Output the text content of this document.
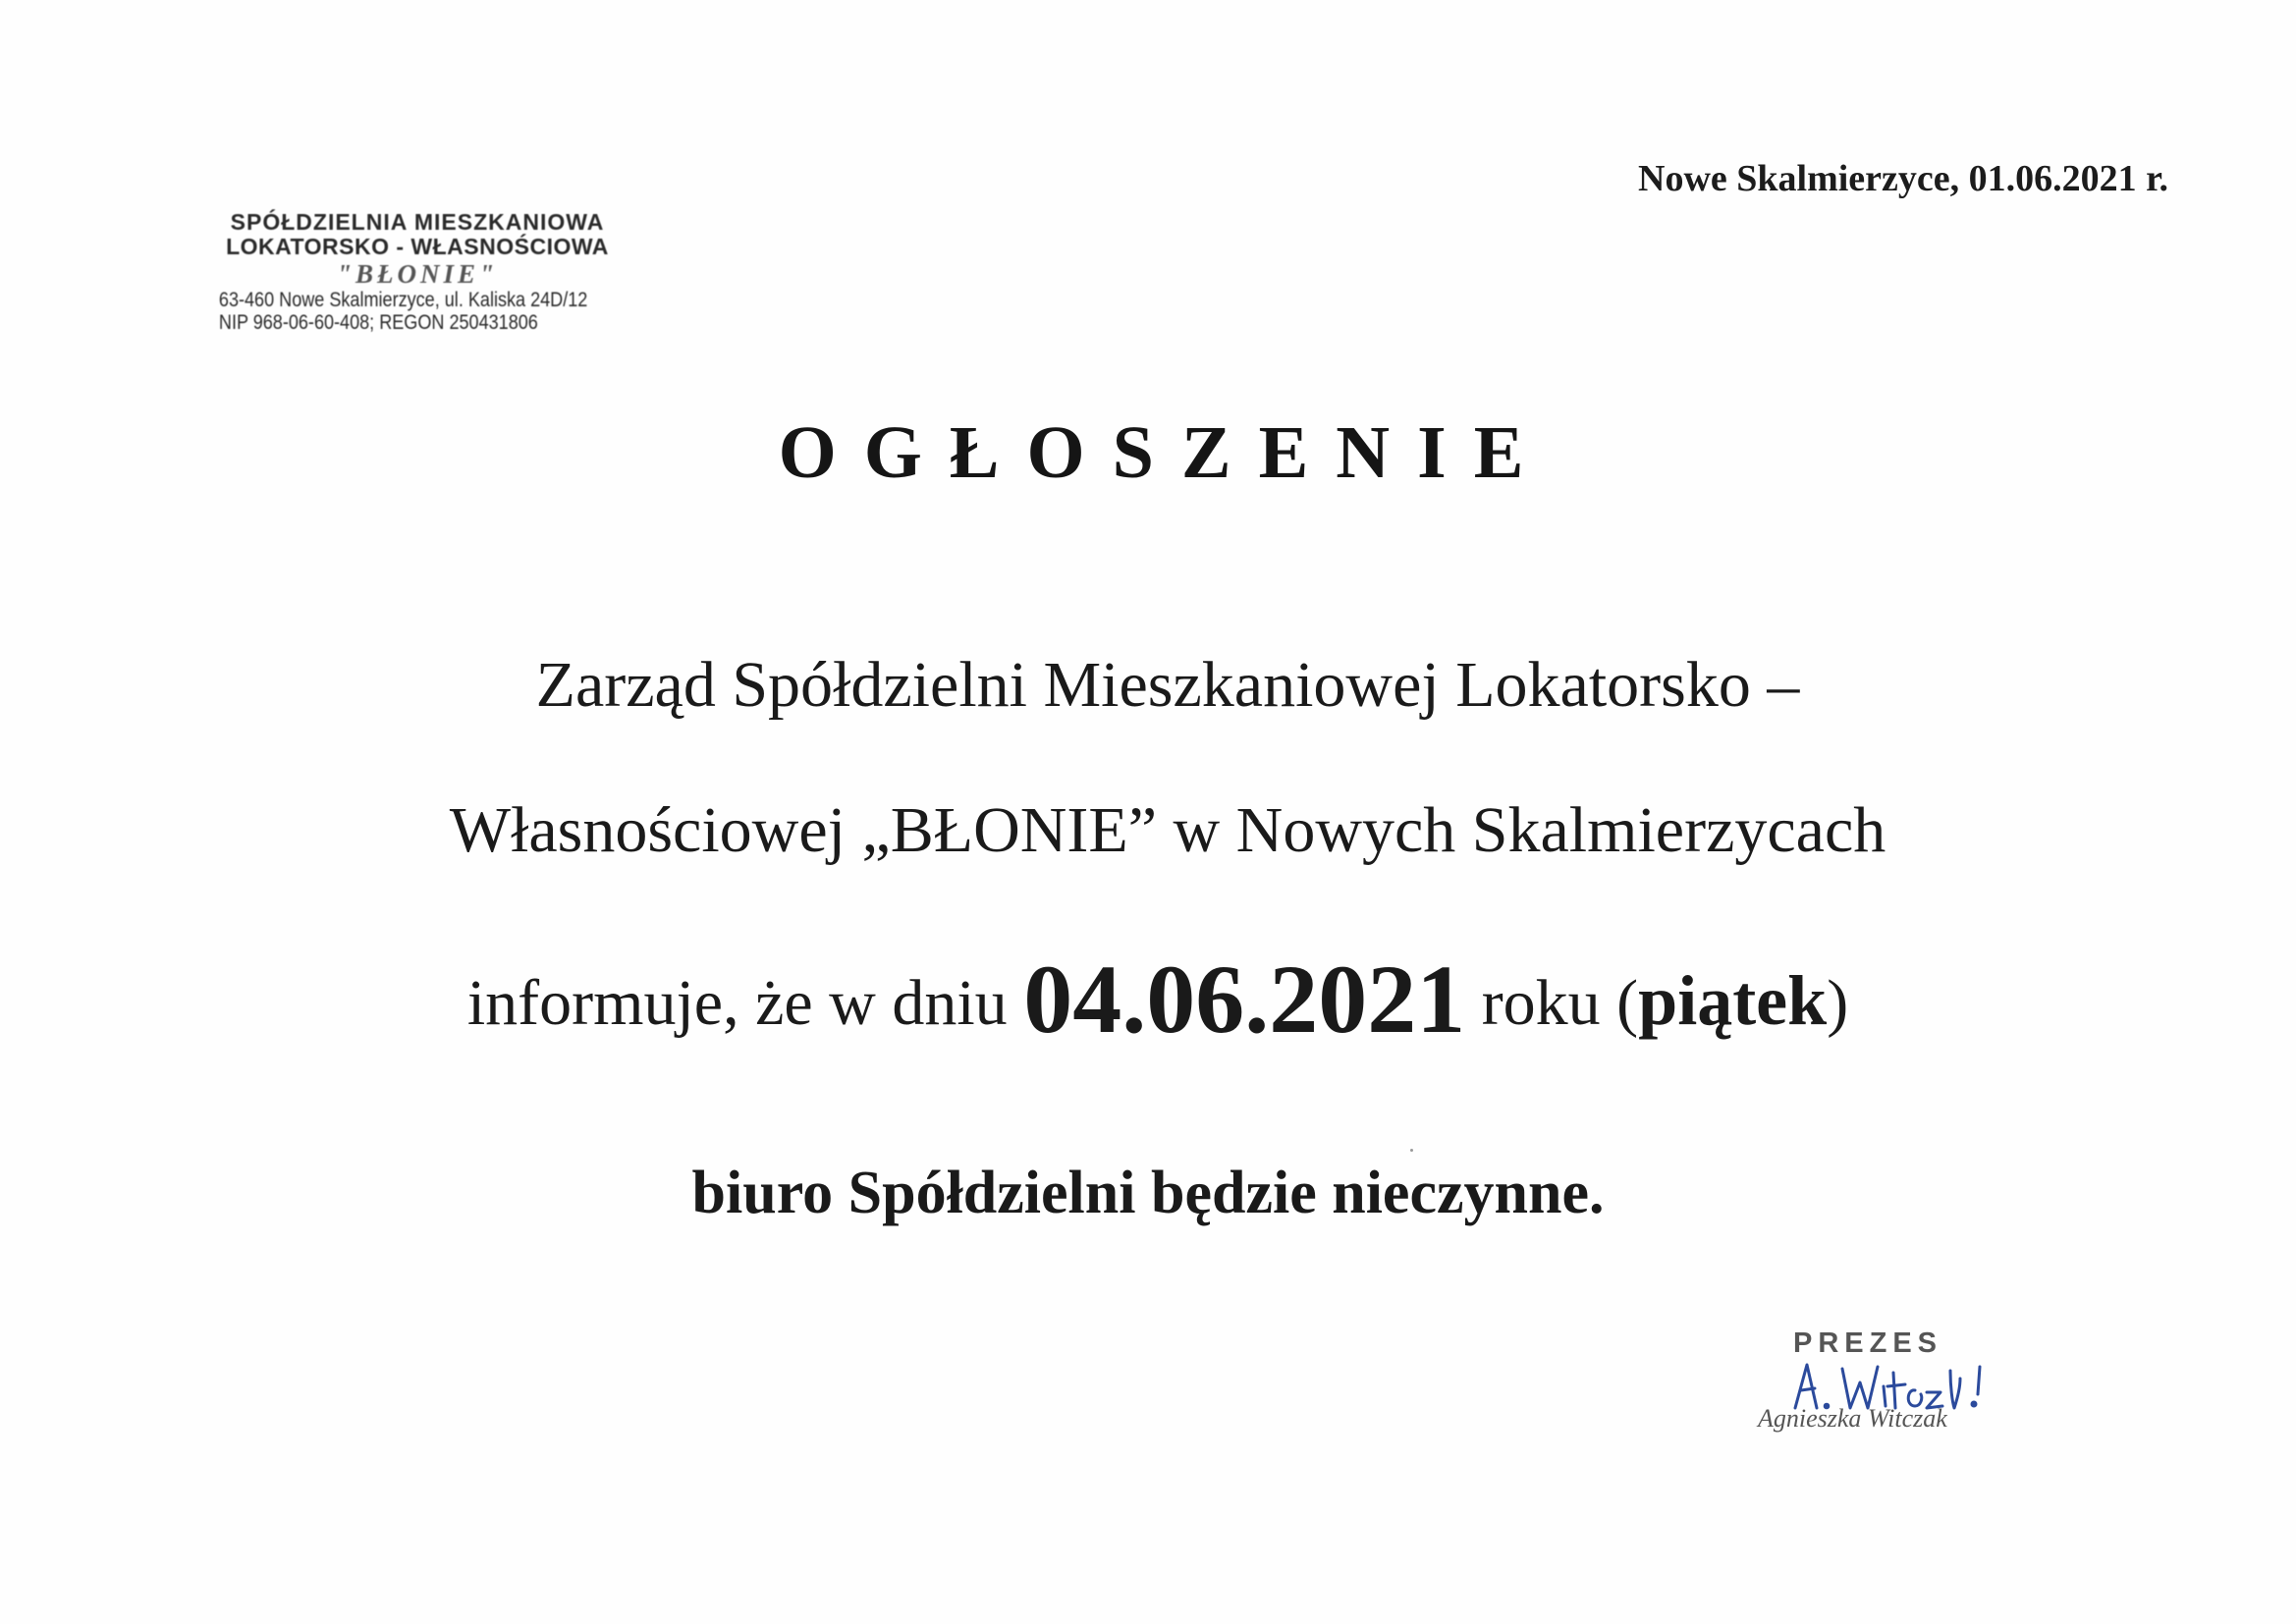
Nowe Skalmierzyce, 01.06.2021 r.
SPÓŁDZIELNIA MIESZKANIOWA
LOKATORSKO - WŁASNOŚCIOWA
"BŁONIE"
63-460 Nowe Skalmierzyce, ul. Kaliska 24D/12
NIP 968-06-60-408; REGON 250431806
OGŁOSZENIE
Zarząd Spółdzielni Mieszkaniowej Lokatorsko –
Własnościowej „BŁONIE” w Nowych Skalmierzycach
informuje, że w dniu 04.06.2021 roku (piątek)
biuro Spółdzielni będzie nieczynne.
PREZES
Agnieszka Witczak
